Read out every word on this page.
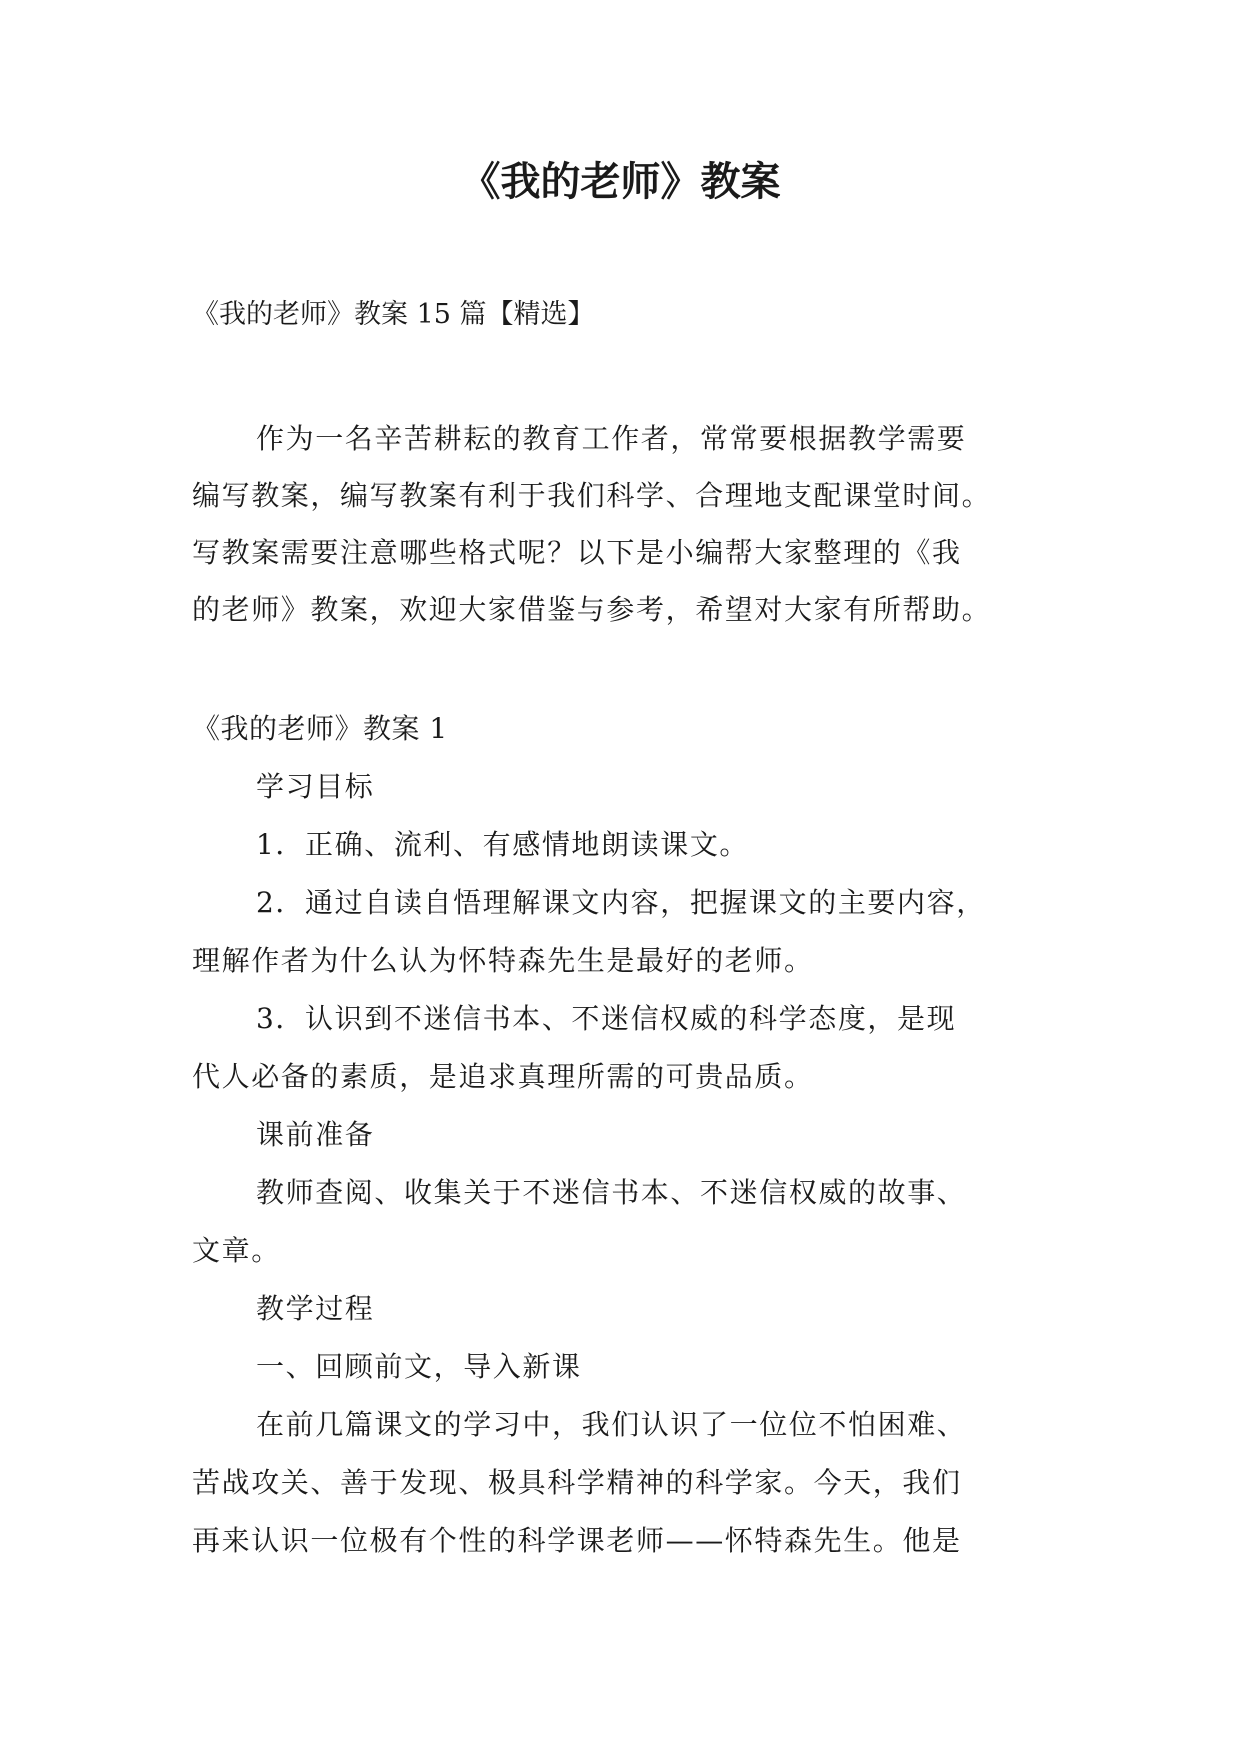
《我的老师》教案
《我的老师》教案 15 篇【精选】

作为一名辛苦耕耘的教育工作者，常常要根据教学需要

编写教案，编写教案有利于我们科学、合理地支配课堂时间。

写教案需要注意哪些格式呢？以下是小编帮大家整理的《我

的老师》教案，欢迎大家借鉴与参考，希望对大家有所帮助。

《我的老师》教案 1

学习目标

1．正确、流利、有感情地朗读课文。

2．通过自读自悟理解课文内容，把握课文的主要内容，

理解作者为什么认为怀特森先生是最好的老师。

3．认识到不迷信书本、不迷信权威的科学态度，是现

代人必备的素质，是追求真理所需的可贵品质。

课前准备

教师查阅、收集关于不迷信书本、不迷信权威的故事、

文章。

教学过程

一、回顾前文，导入新课

在前几篇课文的学习中，我们认识了一位位不怕困难、

苦战攻关、善于发现、极具科学精神的科学家。今天，我们

再来认识一位极有个性的科学课老师——怀特森先生。他是
